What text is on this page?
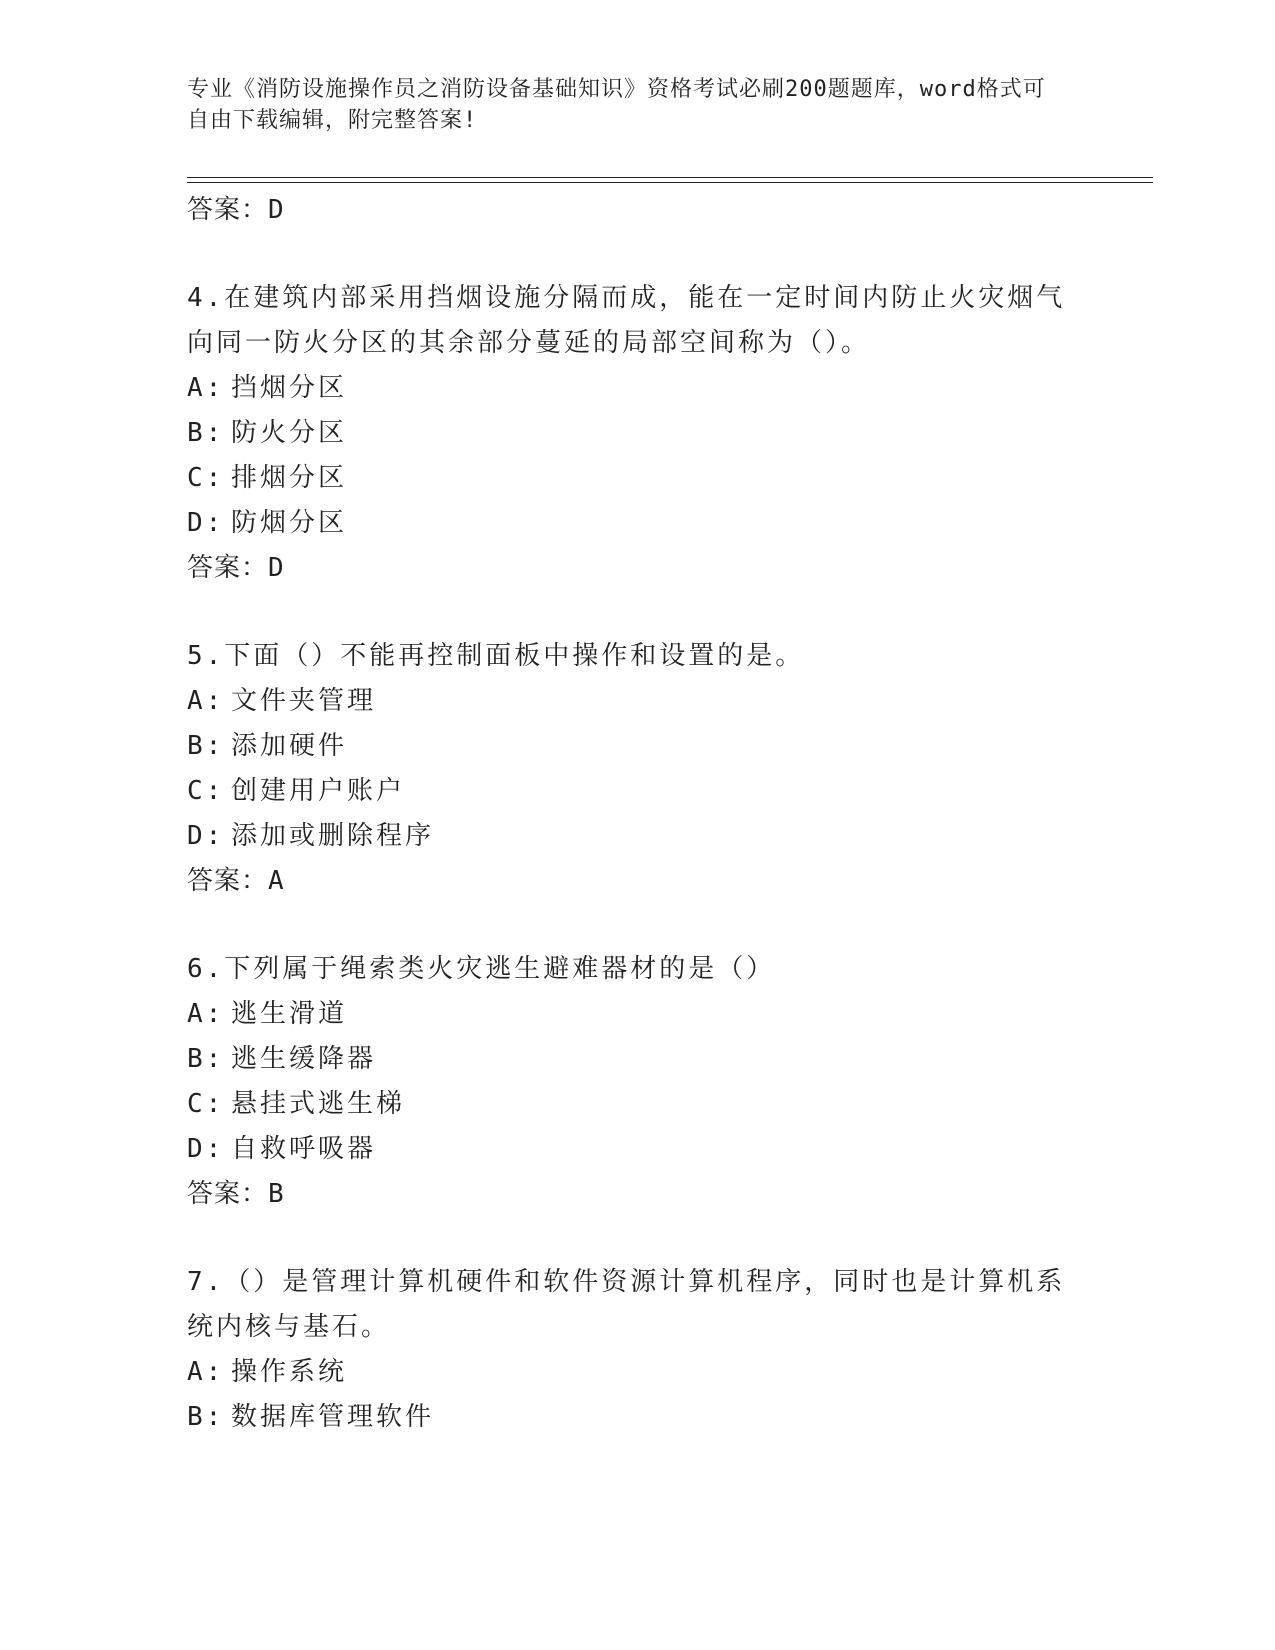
专业《消防设施操作员之消防设备基础知识》资格考试必刷200题题库，word格式可自由下载编辑，附完整答案!
答案：D
4.在建筑内部采用挡烟设施分隔而成，能在一定时间内防止火灾烟气向同一防火分区的其余部分蔓延的局部空间称为（）。
A: 挡烟分区
B: 防火分区
C: 排烟分区
D: 防烟分区
答案：D
5.下面（）不能再控制面板中操作和设置的是。
A: 文件夹管理
B: 添加硬件
C: 创建用户账户
D: 添加或删除程序
答案：A
6.下列属于绳索类火灾逃生避难器材的是（）
A: 逃生滑道
B: 逃生缓降器
C: 悬挂式逃生梯
D: 自救呼吸器
答案：B
7.（）是管理计算机硬件和软件资源计算机程序，同时也是计算机系统内核与基石。
A: 操作系统
B: 数据库管理软件
